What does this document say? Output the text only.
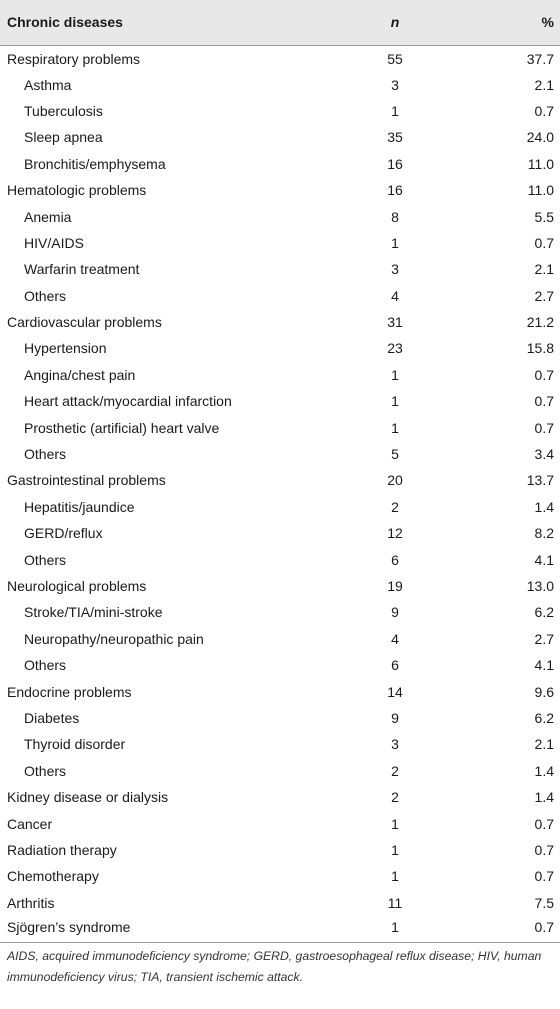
Chronic diseases	n	%
Respiratory problems	55	37.7
Asthma	3	2.1
Tuberculosis	1	0.7
Sleep apnea	35	24.0
Bronchitis/emphysema	16	11.0
Hematologic problems	16	11.0
Anemia	8	5.5
HIV/AIDS	1	0.7
Warfarin treatment	3	2.1
Others	4	2.7
Cardiovascular problems	31	21.2
Hypertension	23	15.8
Angina/chest pain	1	0.7
Heart attack/myocardial infarction	1	0.7
Prosthetic (artificial) heart valve	1	0.7
Others	5	3.4
Gastrointestinal problems	20	13.7
Hepatitis/jaundice	2	1.4
GERD/reflux	12	8.2
Others	6	4.1
Neurological problems	19	13.0
Stroke/TIA/mini-stroke	9	6.2
Neuropathy/neuropathic pain	4	2.7
Others	6	4.1
Endocrine problems	14	9.6
Diabetes	9	6.2
Thyroid disorder	3	2.1
Others	2	1.4
Kidney disease or dialysis	2	1.4
Cancer	1	0.7
Radiation therapy	1	0.7
Chemotherapy	1	0.7
Arthritis	11	7.5
Sjögren’s syndrome	1	0.7
AIDS, acquired immunodeficiency syndrome; GERD, gastroesophageal reflux disease; HIV, human immunodeficiency virus; TIA, transient ischemic attack.
